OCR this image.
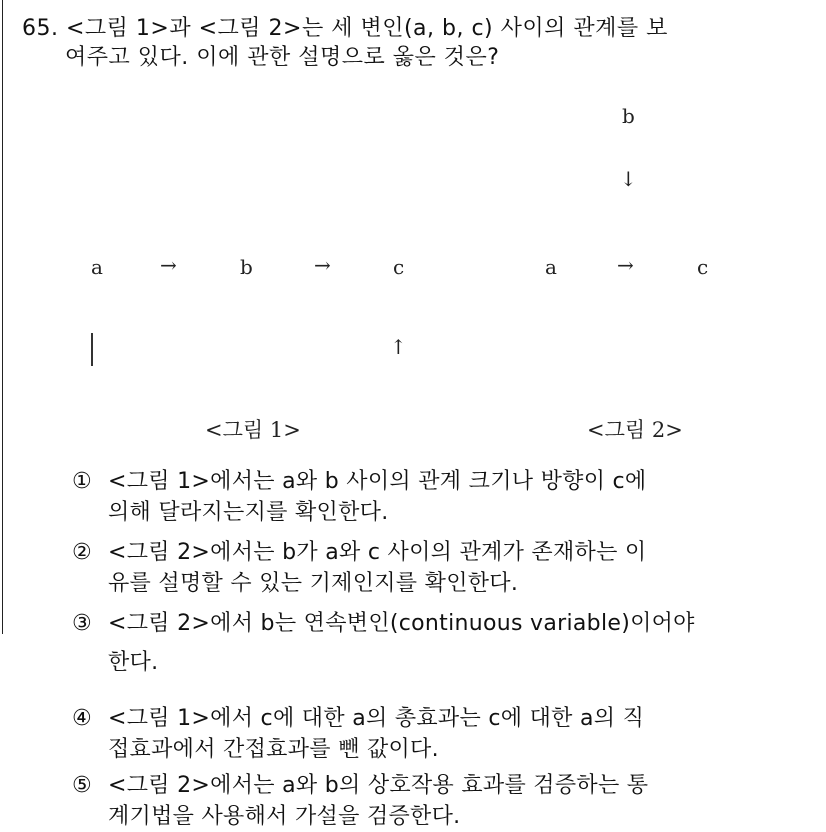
65. <그림 1>과 <그림 2>는 세 변인(a, b, c) 사이의 관계를 보
여주고 있다. 이에 관한 설명으로 옳은 것은?
a	→	b	→	c
↑
<그림 1>
b
↓
a	→	c
<그림 2>
① <그림 1>에서는 a와 b 사이의 관계 크기나 방향이 c에
의해 달라지는지를 확인한다.
② <그림 2>에서는 b가 a와 c 사이의 관계가 존재하는 이
유를 설명할 수 있는 기제인지를 확인한다.
③ <그림 2>에서 b는 연속변인(continuous variable)이어야
한다.
④ <그림 1>에서 c에 대한 a의 총효과는 c에 대한 a의 직
접효과에서 간접효과를 뺀 값이다.
⑤ <그림 2>에서는 a와 b의 상호작용 효과를 검증하는 통
계기법을 사용해서 가설을 검증한다.
